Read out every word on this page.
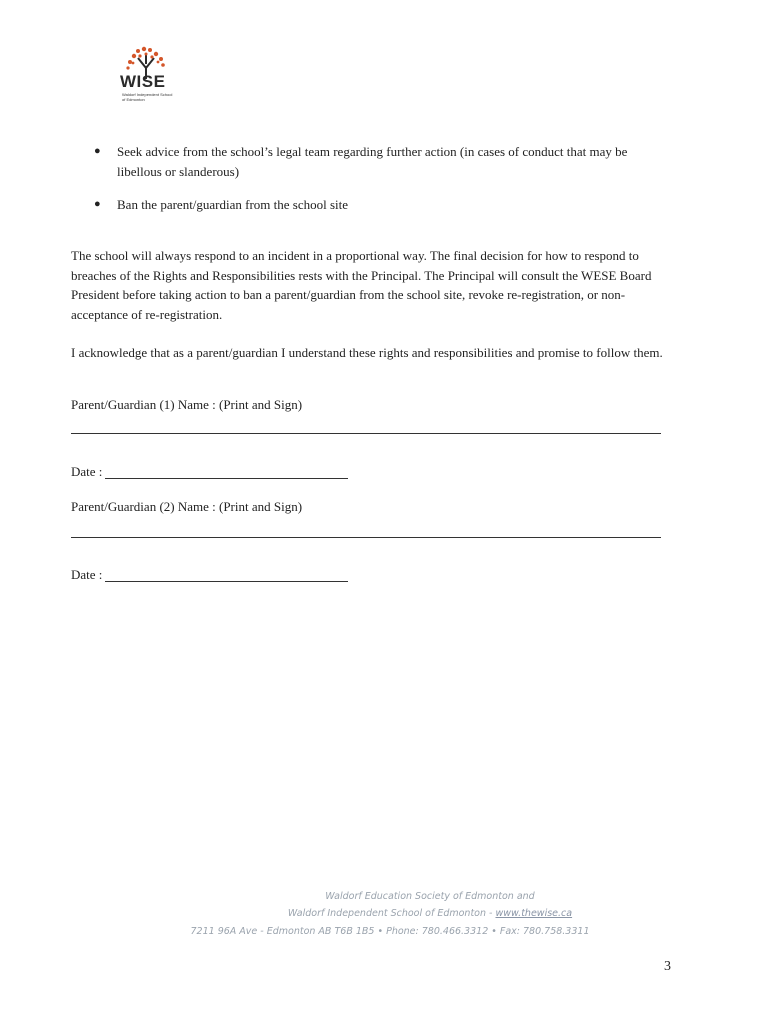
WISE
Waldorf Independent School of Edmonton
●	Seek advice from the school’s legal team regarding further action (in cases of conduct that may be libellous or slanderous)
●	Ban the parent/guardian from the school site
The school will always respond to an incident in a proportional way. The final decision for how to respond to breaches of the Rights and Responsibilities rests with the Principal. The Principal will consult the WESE Board President before taking action to ban a parent/guardian from the school site, revoke re-registration, or non-acceptance of re-registration.
I acknowledge that as a parent/guardian I understand these rights and responsibilities and promise to follow them.
Parent/Guardian (1) Name : (Print and Sign)
Date :
Parent/Guardian (2) Name : (Print and Sign)
Date :
Waldorf Education Society of Edmonton and
Waldorf Independent School of Edmonton - www.thewise.ca
7211 96A Ave - Edmonton AB T6B 1B5 • Phone: 780.466.3312 • Fax: 780.758.3311
3
